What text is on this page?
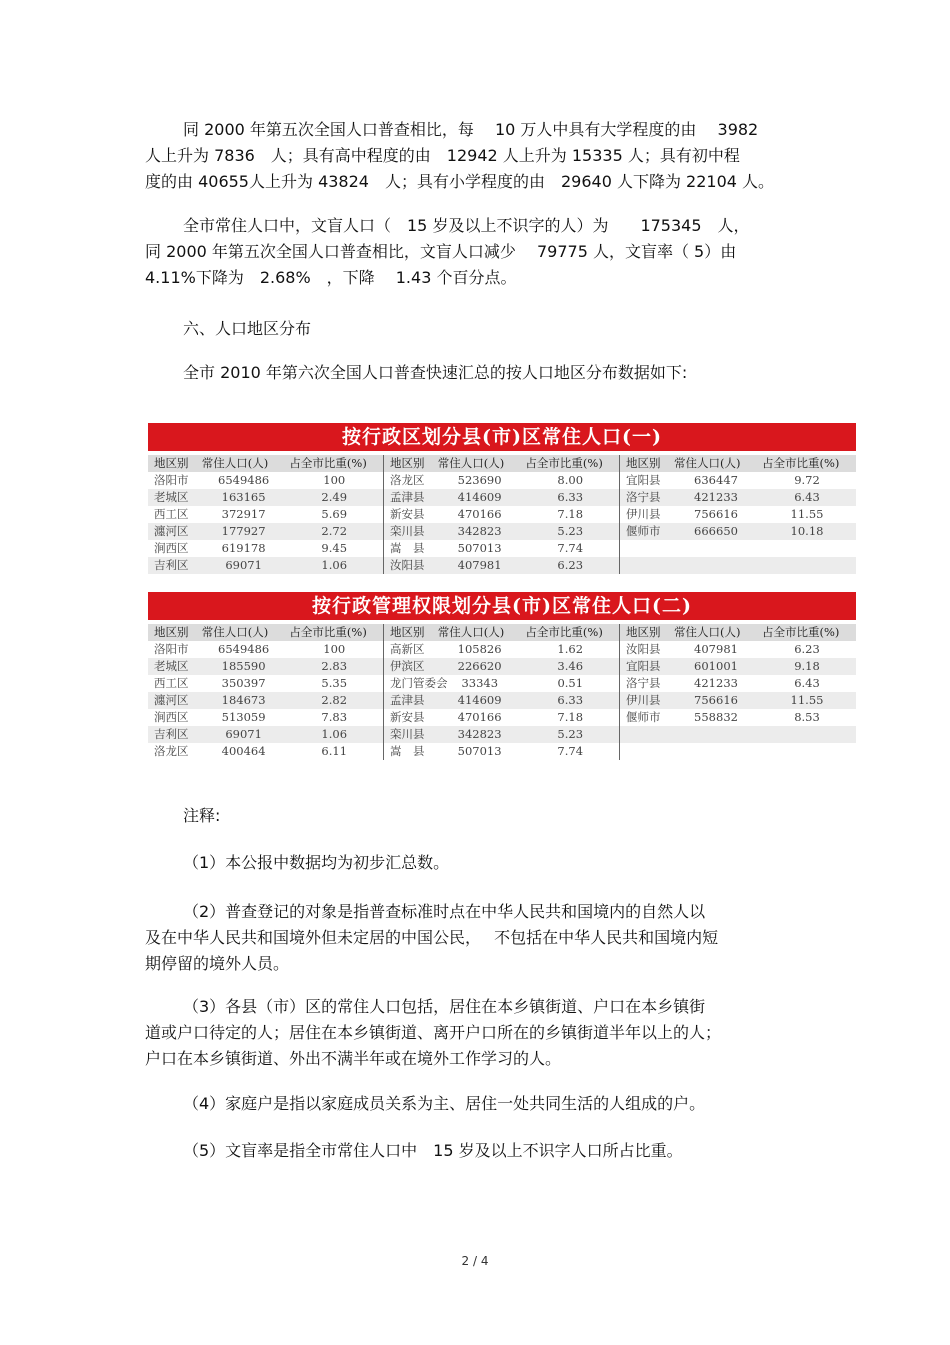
同 2000 年第五次全国人口普查相比，每　 10 万人中具有大学程度的由　 3982
人上升为 7836　人；具有高中程度的由　12942 人上升为 15335 人；具有初中程
度的由 40655人上升为 43824　人；具有小学程度的由　29640 人下降为 22104 人。

全市常住人口中，文盲人口（　15 岁及以上不识字的人）为　　175345　人，
同 2000 年第五次全国人口普查相比，文盲人口减少　 79775 人，文盲率（ 5）由
4.11%下降为　2.68%　，下降　 1.43 个百分点。

六、人口地区分布

全市 2010 年第六次全国人口普查快速汇总的按人口地区分布数据如下:

按行政区划分县(市)区常住人口(一)
地区别	常住人口(人)	占全市比重(%)
洛阳市	6549486	100
老城区	163165	2.49
西工区	372917	5.69
瀍河区	177927	2.72
涧西区	619178	9.45
吉利区	69071	1.06
地区别	常住人口(人)	占全市比重(%)
洛龙区	523690	8.00
孟津县	414609	6.33
新安县	470166	7.18
栾川县	342823	5.23
嵩　县	507013	7.74
汝阳县	407981	6.23
地区别	常住人口(人)	占全市比重(%)
宜阳县	636447	9.72
洛宁县	421233	6.43
伊川县	756616	11.55
偃师市	666650	10.18
按行政管理权限划分县(市)区常住人口(二)
地区别	常住人口(人)	占全市比重(%)
洛阳市	6549486	100
老城区	185590	2.83
西工区	350397	5.35
瀍河区	184673	2.82
涧西区	513059	7.83
吉利区	69071	1.06
洛龙区	400464	6.11
地区别	常住人口(人)	占全市比重(%)
高新区	105826	1.62
伊滨区	226620	3.46
龙门管委会	33343	0.51
孟津县	414609	6.33
新安县	470166	7.18
栾川县	342823	5.23
嵩　县	507013	7.74
地区别	常住人口(人)	占全市比重(%)
汝阳县	407981	6.23
宜阳县	601001	9.18
洛宁县	421233	6.43
伊川县	756616	11.55
偃师市	558832	8.53

注释:

（1）本公报中数据均为初步汇总数。

（2）普查登记的对象是指普查标准时点在中华人民共和国境内的自然人以
及在中华人民共和国境外但未定居的中国公民，　 不包括在中华人民共和国境内短
期停留的境外人员。

（3）各县（市）区的常住人口包括，居住在本乡镇街道、户口在本乡镇街
道或户口待定的人；居住在本乡镇街道、离开户口所在的乡镇街道半年以上的人；
户口在本乡镇街道、外出不满半年或在境外工作学习的人。

（4）家庭户是指以家庭成员关系为主、居住一处共同生活的人组成的户。

（5）文盲率是指全市常住人口中　15 岁及以上不识字人口所占比重。

2 / 4
